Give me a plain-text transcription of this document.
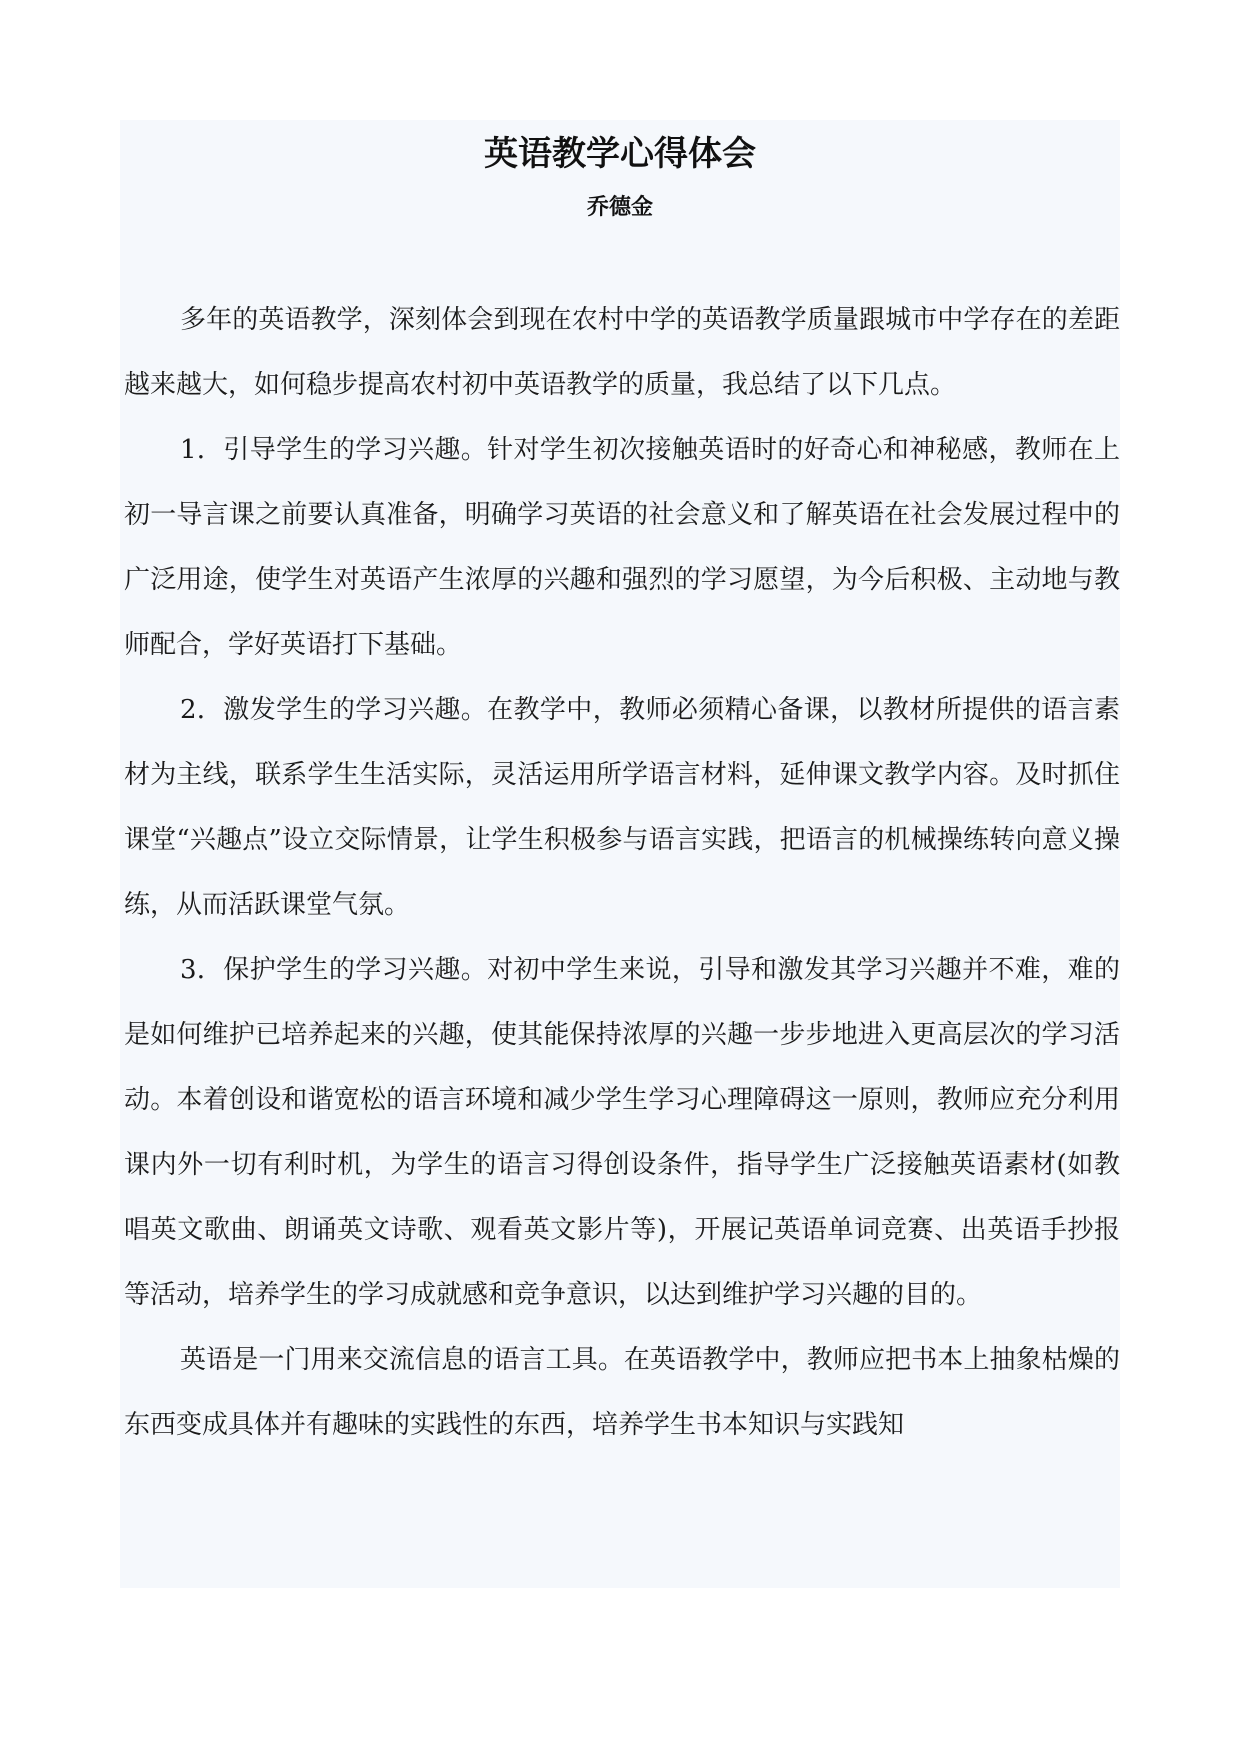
英语教学心得体会
乔德金

多年的英语教学，深刻体会到现在农村中学的英语教学质量跟城市中学存在的差距越来越大，如何稳步提高农村初中英语教学的质量，我总结了以下几点。

1．引导学生的学习兴趣。针对学生初次接触英语时的好奇心和神秘感，教师在上初一导言课之前要认真准备，明确学习英语的社会意义和了解英语在社会发展过程中的广泛用途，使学生对英语产生浓厚的兴趣和强烈的学习愿望，为今后积极、主动地与教师配合，学好英语打下基础。

2．激发学生的学习兴趣。在教学中，教师必须精心备课，以教材所提供的语言素材为主线，联系学生生活实际，灵活运用所学语言材料，延伸课文教学内容。及时抓住课堂“兴趣点”设立交际情景，让学生积极参与语言实践，把语言的机械操练转向意义操练，从而活跃课堂气氛。

3．保护学生的学习兴趣。对初中学生来说，引导和激发其学习兴趣并不难，难的是如何维护已培养起来的兴趣，使其能保持浓厚的兴趣一步步地进入更高层次的学习活动。本着创设和谐宽松的语言环境和减少学生学习心理障碍这一原则，教师应充分利用课内外一切有利时机，为学生的语言习得创设条件，指导学生广泛接触英语素材(如教唱英文歌曲、朗诵英文诗歌、观看英文影片等)，开展记英语单词竞赛、出英语手抄报等活动，培养学生的学习成就感和竞争意识，以达到维护学习兴趣的目的。

英语是一门用来交流信息的语言工具。在英语教学中，教师应把书本上抽象枯燥的东西变成具体并有趣味的实践性的东西，培养学生书本知识与实践知
